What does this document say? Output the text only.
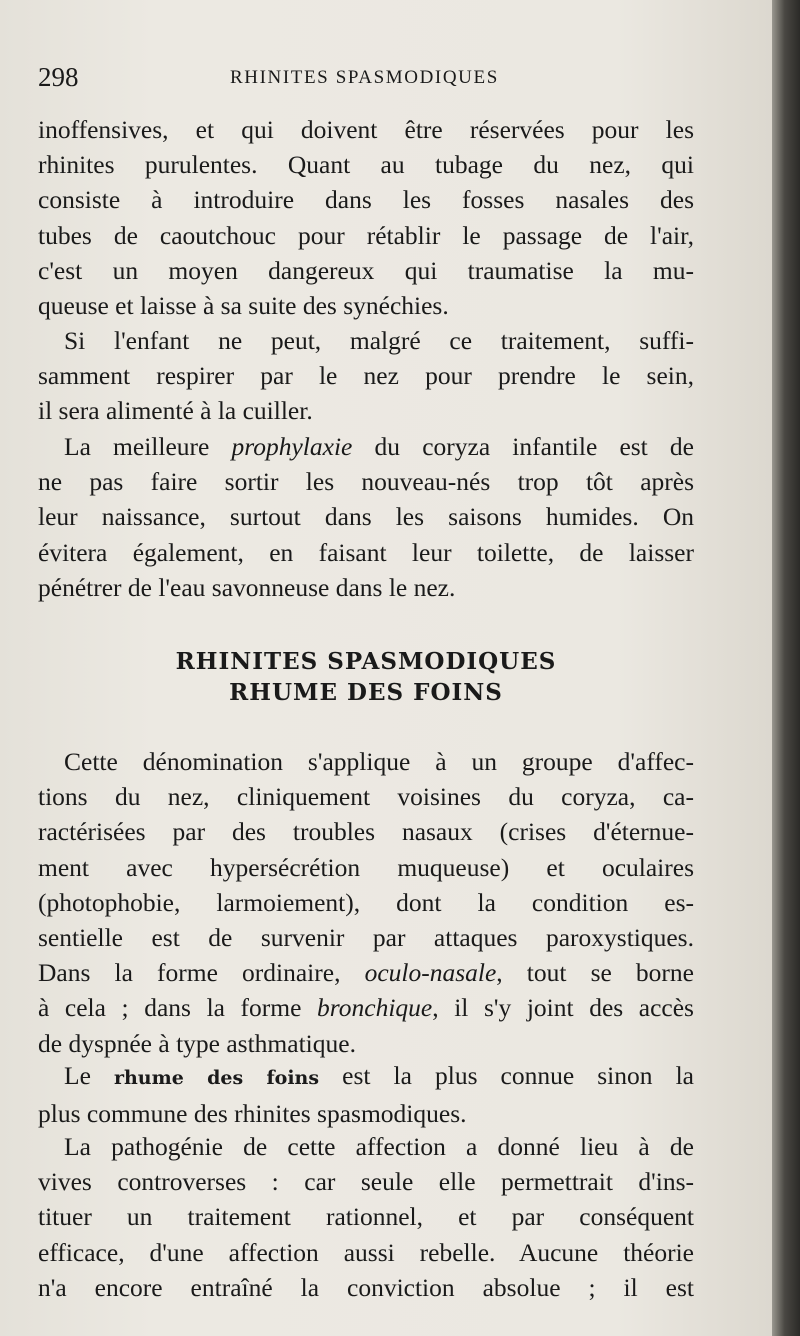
298	RHINITES SPASMODIQUES
inoffensives, et qui doivent être réservées pour les
rhinites purulentes. Quant au tubage du nez, qui
consiste à introduire dans les fosses nasales des
tubes de caoutchouc pour rétablir le passage de l'air,
c'est un moyen dangereux qui traumatise la mu-
queuse et laisse à sa suite des synéchies.
Si l'enfant ne peut, malgré ce traitement, suffi-
samment respirer par le nez pour prendre le sein,
il sera alimenté à la cuiller.
La meilleure prophylaxie du coryza infantile est de
ne pas faire sortir les nouveau-nés trop tôt après
leur naissance, surtout dans les saisons humides. On
évitera également, en faisant leur toilette, de laisser
pénétrer de l'eau savonneuse dans le nez.
RHINITES SPASMODIQUES
RHUME DES FOINS
Cette dénomination s'applique à un groupe d'affec-
tions du nez, cliniquement voisines du coryza, ca-
ractérisées par des troubles nasaux (crises d'éternue-
ment avec hypersécrétion muqueuse) et oculaires
(photophobie, larmoiement), dont la condition es-
sentielle est de survenir par attaques paroxystiques.
Dans la forme ordinaire, oculo-nasale, tout se borne
à cela ; dans la forme bronchique, il s'y joint des accès
de dyspnée à type asthmatique.
Le rhume des foins est la plus connue sinon la
plus commune des rhinites spasmodiques.
La pathogénie de cette affection a donné lieu à de
vives controverses : car seule elle permettrait d'ins-
tituer un traitement rationnel, et par conséquent
efficace, d'une affection aussi rebelle. Aucune théorie
n'a encore entraîné la conviction absolue ; il est
